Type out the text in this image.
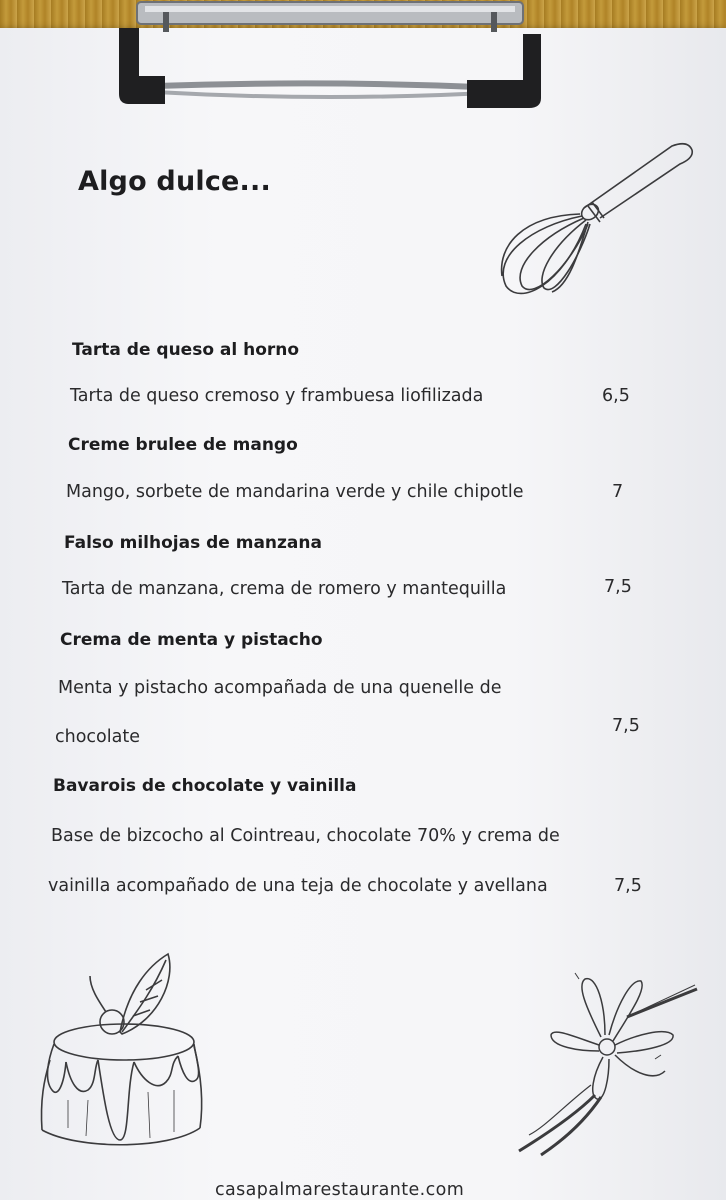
Algo dulce...
Tarta de queso al horno
Tarta de queso cremoso y frambuesa liofilizada	6,5
Creme brulee de mango
Mango, sorbete de mandarina verde y chile chipotle	7
Falso milhojas de manzana
Tarta de manzana, crema de romero y mantequilla	7,5
Crema de menta y pistacho
Menta y pistacho acompañada de una quenelle de
chocolate
7,5
Bavarois de chocolate y vainilla
Base de bizcocho al Cointreau, chocolate 70% y crema de
vainilla acompañado de una teja de chocolate y avellana	7,5
casapalmarestaurante.com
